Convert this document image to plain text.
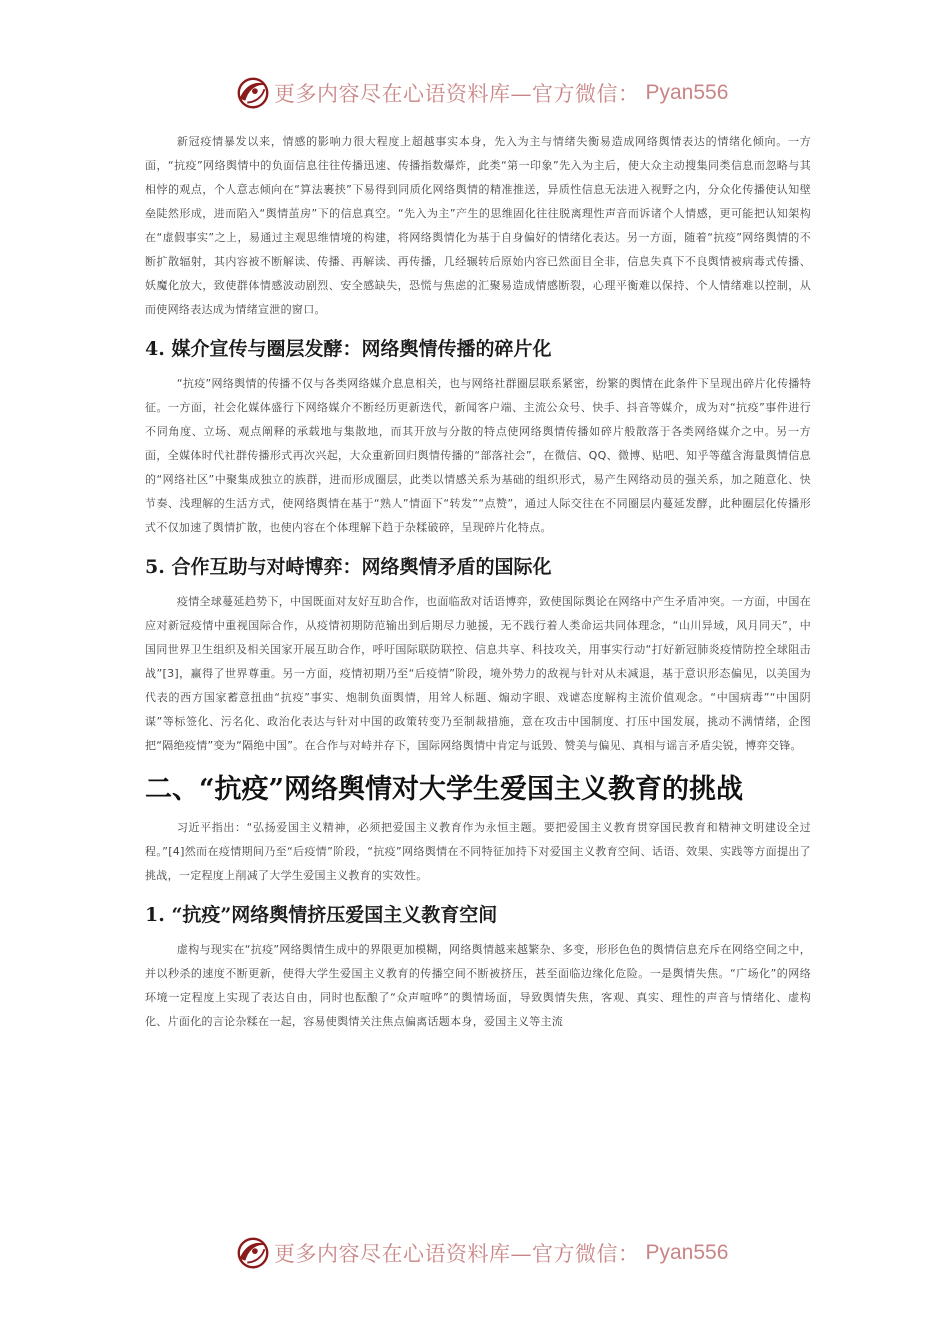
更多内容尽在心语资料库—官方微信： Pyan556

新冠疫情暴发以来，情感的影响力很大程度上超越事实本身，先入为主与情绪失衡易造成网络舆情表达的情绪化倾向。一方面，“抗疫”网络舆情中的负面信息往往传播迅速、传播指数爆炸，此类“第一印象”先入为主后，使大众主动搜集同类信息而忽略与其相悖的观点，个人意志倾向在“算法裹挟”下易得到同质化网络舆情的精准推送，异质性信息无法进入视野之内，分众化传播使认知壁垒陡然形成，进而陷入“舆情茧房”下的信息真空。“先入为主”产生的思维固化往往脱离理性声音而诉诸个人情感，更可能把认知架构在“虚假事实”之上，易通过主观思维情境的构建，将网络舆情化为基于自身偏好的情绪化表达。另一方面，随着“抗疫”网络舆情的不断扩散辐射，其内容被不断解读、传播、再解读、再传播，几经辗转后原始内容已然面目全非，信息失真下不良舆情被病毒式传播、妖魔化放大，致使群体情感波动剧烈、安全感缺失，恐慌与焦虑的汇聚易造成情感断裂，心理平衡难以保持、个人情绪难以控制，从而使网络表达成为情绪宣泄的窗口。

4. 媒介宣传与圈层发酵：网络舆情传播的碎片化

“抗疫”网络舆情的传播不仅与各类网络媒介息息相关，也与网络社群圈层联系紧密，纷繁的舆情在此条件下呈现出碎片化传播特征。一方面，社会化媒体盛行下网络媒介不断经历更新迭代，新闻客户端、主流公众号、快手、抖音等媒介，成为对“抗疫”事件进行不同角度、立场、观点阐释的承载地与集散地，而其开放与分散的特点使网络舆情传播如碎片般散落于各类网络媒介之中。另一方面，全媒体时代社群传播形式再次兴起，大众重新回归舆情传播的“部落社会”，在微信、QQ、微博、贴吧、知乎等蕴含海量舆情信息的“网络社区”中聚集成独立的族群，进而形成圈层，此类以情感关系为基础的组织形式，易产生网络动员的强关系，加之随意化、快节奏、浅理解的生活方式，使网络舆情在基于“熟人”情面下“转发”“点赞”，通过人际交往在不同圈层内蔓延发酵，此种圈层化传播形式不仅加速了舆情扩散，也使内容在个体理解下趋于杂糅破碎，呈现碎片化特点。

5. 合作互助与对峙博弈：网络舆情矛盾的国际化

疫情全球蔓延趋势下，中国既面对友好互助合作，也面临敌对话语博弈，致使国际舆论在网络中产生矛盾冲突。一方面，中国在应对新冠疫情中重视国际合作，从疫情初期防范输出到后期尽力驰援，无不践行着人类命运共同体理念，“山川异域，风月同天”，中国同世界卫生组织及相关国家开展互助合作，呼吁国际联防联控、信息共享、科技攻关，用事实行动“打好新冠肺炎疫情防控全球阻击战”[3]，赢得了世界尊重。另一方面，疫情初期乃至“后疫情”阶段，境外势力的敌视与针对从未减退，基于意识形态偏见，以美国为代表的西方国家蓄意扭曲“抗疫”事实、炮制负面舆情，用耸人标题、煽动字眼、戏谑态度解构主流价值观念。“中国病毒”“中国阴谋”等标签化、污名化、政治化表达与针对中国的政策转变乃至制裁措施，意在攻击中国制度、打压中国发展，挑动不满情绪，企图把“隔绝疫情”变为“隔绝中国”。在合作与对峙并存下，国际网络舆情中肯定与诋毁、赞美与偏见、真相与谣言矛盾尖锐，博弈交锋。

二、“抗疫”网络舆情对大学生爱国主义教育的挑战

习近平指出：“弘扬爱国主义精神，必须把爱国主义教育作为永恒主题。要把爱国主义教育贯穿国民教育和精神文明建设全过程。”[4]然而在疫情期间乃至“后疫情”阶段，“抗疫”网络舆情在不同特征加持下对爱国主义教育空间、话语、效果、实践等方面提出了挑战，一定程度上削减了大学生爱国主义教育的实效性。

1. “抗疫”网络舆情挤压爱国主义教育空间

虚构与现实在“抗疫”网络舆情生成中的界限更加模糊，网络舆情越来越繁杂、多变，形形色色的舆情信息充斥在网络空间之中，并以秒杀的速度不断更新，使得大学生爱国主义教育的传播空间不断被挤压，甚至面临边缘化危险。一是舆情失焦。“广场化”的网络环境一定程度上实现了表达自由，同时也酝酿了“众声喧哗”的舆情场面，导致舆情失焦，客观、真实、理性的声音与情绪化、虚构化、片面化的言论杂糅在一起，容易使舆情关注焦点偏离话题本身，爱国主义等主流

更多内容尽在心语资料库—官方微信： Pyan556
